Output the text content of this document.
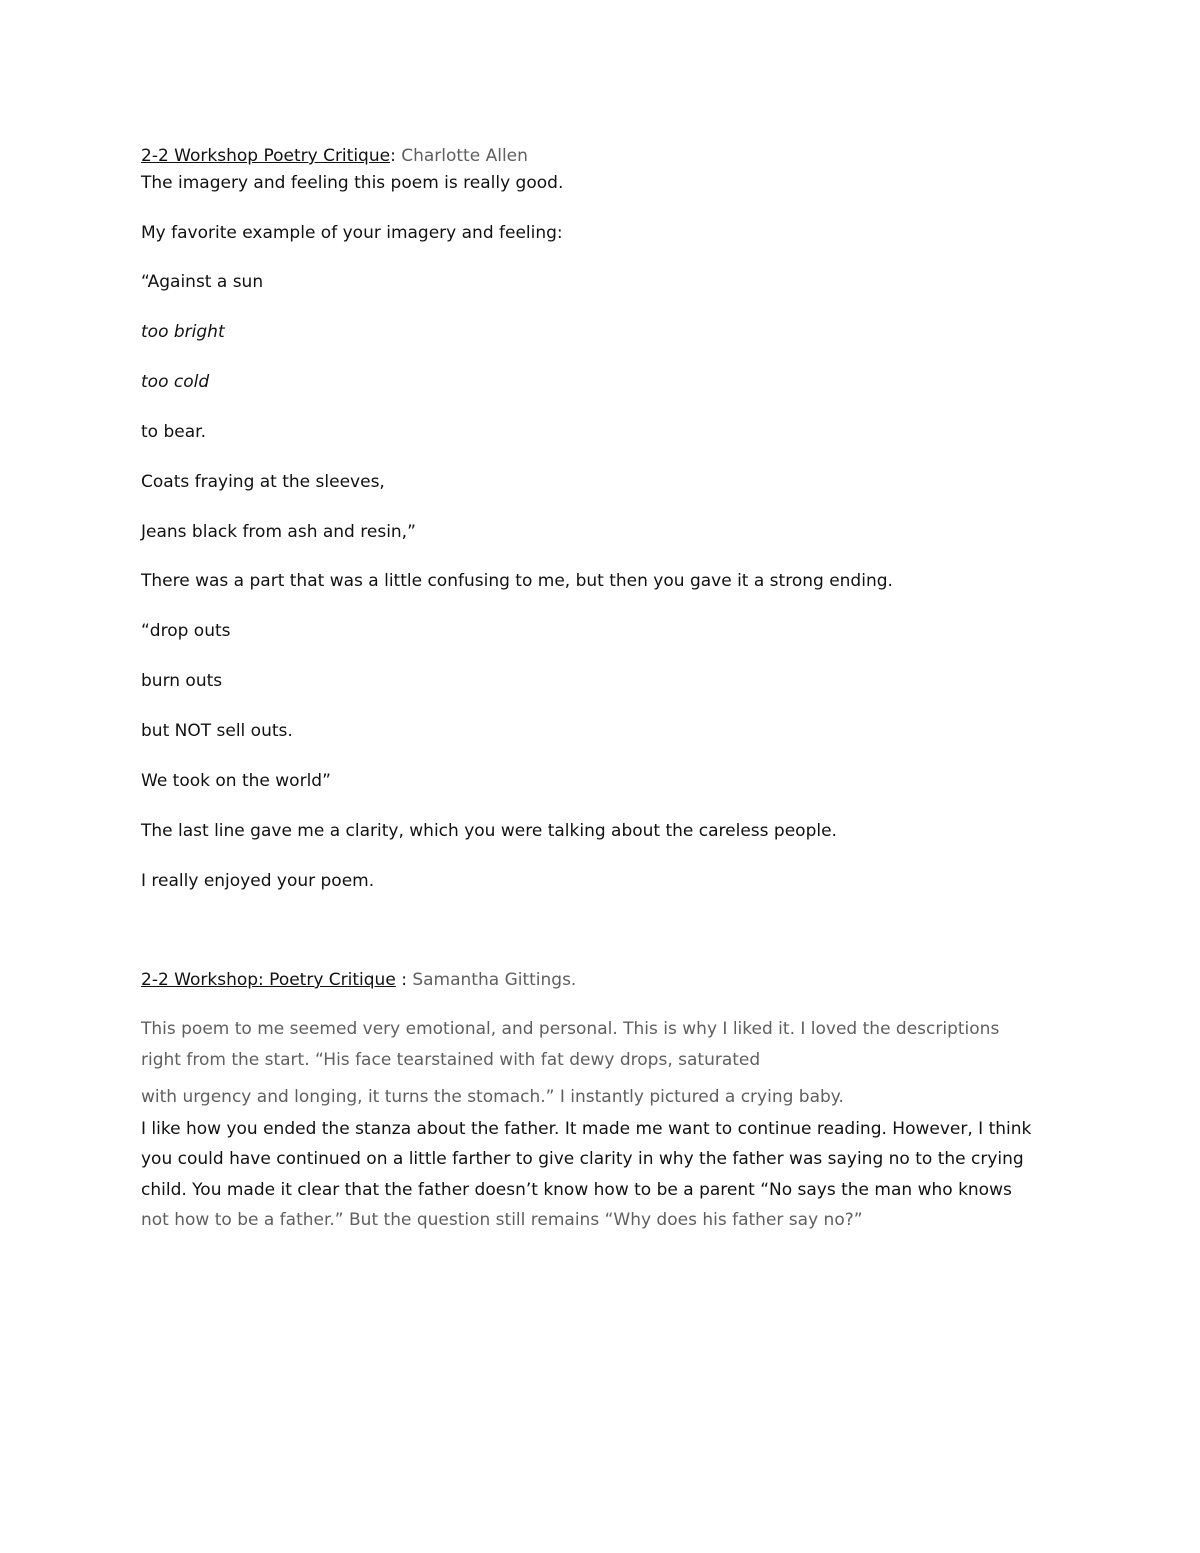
2-2 Workshop Poetry Critique: Charlotte Allen
The imagery and feeling this poem is really good.
My favorite example of your imagery and feeling:
“Against a sun
too bright
too cold
to bear.
Coats fraying at the sleeves,
Jeans black from ash and resin,”
There was a part that was a little confusing to me, but then you gave it a strong ending.
“drop outs
burn outs
but NOT sell outs.
We took on the world”
The last line gave me a clarity, which you were talking about the careless people.
I really enjoyed your poem.
2-2 Workshop: Poetry Critique : Samantha Gittings.
This poem to me seemed very emotional, and personal. This is why I liked it. I loved the descriptions
right from the start. “His face tearstained with fat dewy drops, saturated
with urgency and longing, it turns the stomach.” I instantly pictured a crying baby.
I like how you ended the stanza about the father. It made me want to continue reading. However, I think
you could have continued on a little farther to give clarity in why the father was saying no to the crying
child. You made it clear that the father doesn’t know how to be a parent “No says the man who knows
not how to be a father.” But the question still remains “Why does his father say no?”
